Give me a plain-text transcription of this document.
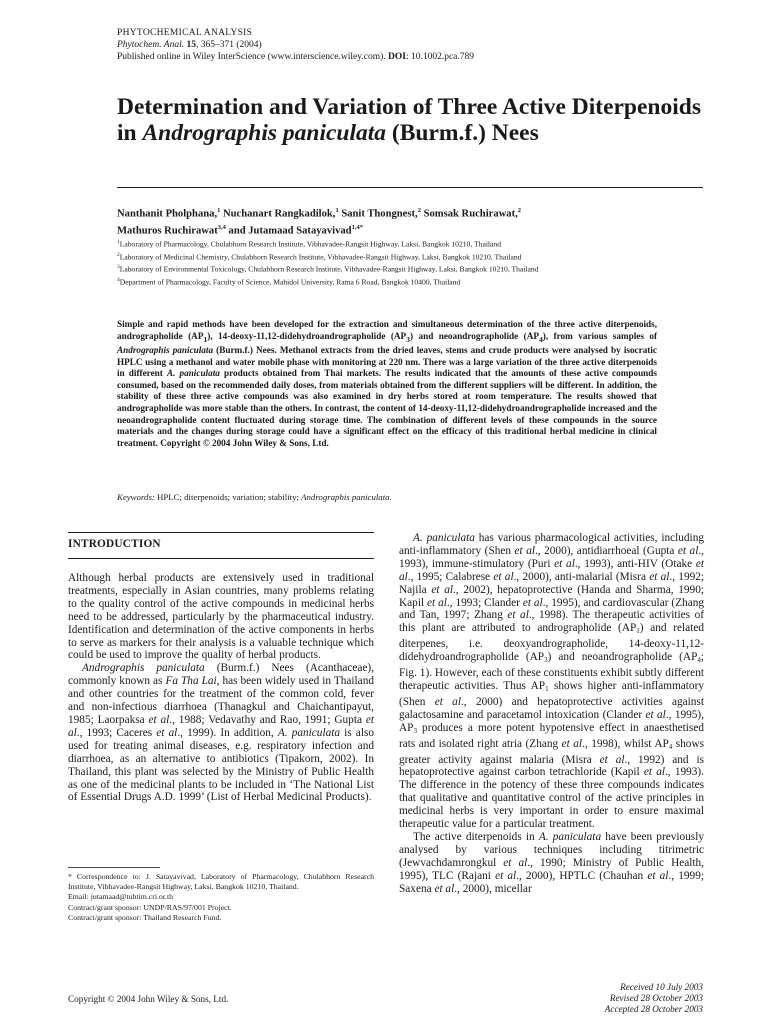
PHYTOCHEMICAL ANALYSIS
Phytochem. Anal. 15, 365–371 (2004)
Published online in Wiley InterScience (www.interscience.wiley.com). DOI: 10.1002.pca.789
Determination and Variation of Three Active Diterpenoids in Andrographis paniculata (Burm.f.) Nees
Nanthanit Pholphana,$^1$ Nuchanart Rangkadilok,$^1$ Sanit Thongnest,$^2$ Somsak Ruchirawat,$^2$
Mathuros Ruchirawat$^{3,4}$ and Jutamaad Satayavivad$^{1,4*}$
$^1$Laboratory of Pharmacology, Chulabhorn Research Institute, Vibhavadee-Rangsit Highway, Laksi, Bangkok 10210, Thailand
$^2$Laboratory of Medicinal Chemistry, Chulabhorn Research Institute, Vibhavadee-Rangsit Highway, Laksi, Bangkok 10210, Thailand
$^3$Laboratory of Environmental Toxicology, Chulabhorn Research Institute, Vibhavadee-Rangsit Highway, Laksi, Bangkok 10210, Thailand
$^4$Department of Pharmacology, Faculty of Science, Mahidol University, Rama 6 Road, Bangkok 10400, Thailand
Simple and rapid methods have been developed for the extraction and simultaneous determination of the three active diterpenoids, andrographolide $(AP_1)$, 14-deoxy-11,12-didehydroandrographolide $(AP_3)$ and neoandrographolide $(AP_4)$, from various samples of Andrographis paniculata (Burm.f.) Nees. Methanol extracts from the dried leaves, stems and crude products were analysed by isocratic HPLC using a methanol and water mobile phase with monitoring at 220 nm. There was a large variation of the three active diterpenoids in different A. paniculata products obtained from Thai markets. The results indicated that the amounts of these active compounds consumed, based on the recommended daily doses, from materials obtained from the different suppliers will be different. In addition, the stability of these three active compounds was also examined in dry herbs stored at room temperature. The results showed that andrographolide was more stable than the others. In contrast, the content of 14-deoxy-11,12-didehydroandrographolide increased and the neoandrographolide content fluctuated during storage time. The combination of different levels of these compounds in the source materials and the changes during storage could have a significant effect on the efficacy of this traditional herbal medicine in clinical treatment. Copyright © 2004 John Wiley & Sons, Ltd.
Keywords: HPLC; diterpenoids; variation; stability; Andrographis paniculata.
INTRODUCTION

Although herbal products are extensively used in traditional treatments, especially in Asian countries, many problems relating to the quality control of the active compounds in medicinal herbs need to be addressed, particularly by the pharmaceutical industry. Identification and determination of the active components in herbs to serve as markers for their analysis is a valuable technique which could be used to improve the quality of herbal products.

Andrographis paniculata (Burm.f.) Nees (Acanthaceae), commonly known as Fa Tha Lai, has been widely used in Thailand and other countries for the treatment of the common cold, fever and non-infectious diarrhoea (Thanagkul and Chaichantipayut, 1985; Laorpaksa et al., 1988; Vedavathy and Rao, 1991; Gupta et al., 1993; Caceres et al., 1999). In addition, A. paniculata is also used for treating animal diseases, e.g. respiratory infection and diarrhoea, as an alternative to antibiotics (Tipakorn, 2002). In Thailand, this plant was selected by the Ministry of Public Health as one of the medicinal plants to be included in ‘The National List of Essential Drugs A.D. 1999’ (List of Herbal Medicinal Products).

* Correspondence to: J. Satayavivad, Laboratory of Pharmacology, Chulabhorn Research Institute, Vibhavadee-Rangsit Highway, Laksi, Bangkok 10210, Thailand.
Email: jutamaad@tubtim.cri.or.th
Contract/grant sponsor: UNDP/RAS/97/001 Project.
Contract/grant sponsor: Thailand Research Fund.

A. paniculata has various pharmacological activities, including anti-inflammatory (Shen et al., 2000), antidiarrhoeal (Gupta et al., 1993), immune-stimulatory (Puri et al., 1993), anti-HIV (Otake et al., 1995; Calabrese et al., 2000), anti-malarial (Misra et al., 1992; Najila et al., 2002), hepatoprotective (Handa and Sharma, 1990; Kapil et al., 1993; Clander et al., 1995), and cardiovascular (Zhang and Tan, 1997; Zhang et al., 1998). The therapeutic activities of this plant are attributed to andrographolide $(AP_1)$ and related diterpenes, i.e. deoxyandrographolide, 14-deoxy-11,12-didehydroandrographolide $(AP_3)$ and neoandrographolide ($AP_4$; Fig. 1). However, each of these constituents exhibit subtly different therapeutic activities. Thus $AP_1$ shows higher anti-inflammatory (Shen et al., 2000) and hepatoprotective activities against galactosamine and paracetamol intoxication (Clander et al., 1995), $AP_3$ produces a more potent hypotensive effect in anaesthetised rats and isolated right atria (Zhang et al., 1998), whilst $AP_4$ shows greater activity against malaria (Misra et al., 1992) and is hepatoprotective against carbon tetrachloride (Kapil et al., 1993). The difference in the potency of these three compounds indicates that qualitative and quantitative control of the active principles in medicinal herbs is very important in order to ensure maximal therapeutic value for a particular treatment.

The active diterpenoids in A. paniculata have been previously analysed by various techniques including titrimetric (Jewvachdamrongkul et al., 1990; Ministry of Public Health, 1995), TLC (Rajani et al., 2000), HPTLC (Chauhan et al., 1999; Saxena et al., 2000), micellar

Copyright © 2004 John Wiley & Sons, Ltd.
Received 10 July 2003
Revised 28 October 2003
Accepted 28 October 2003
